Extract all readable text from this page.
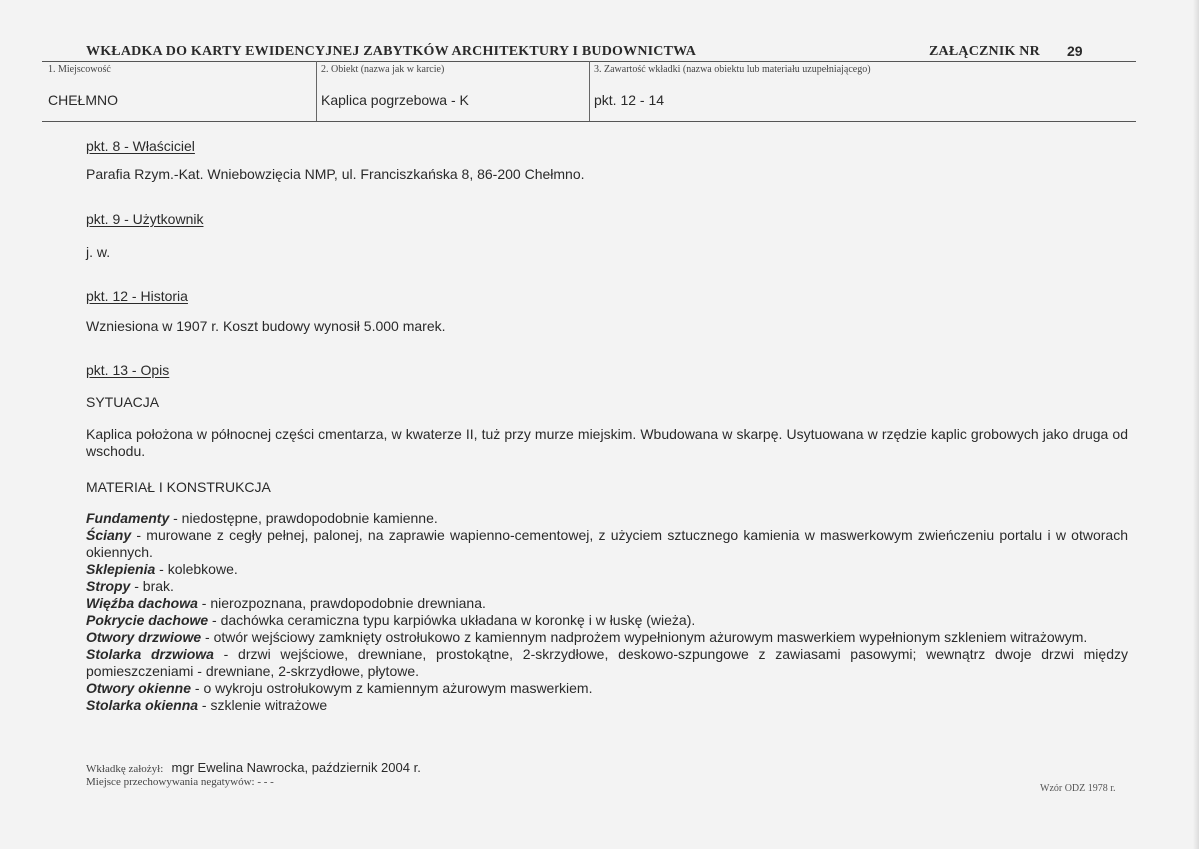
WKŁADKA DO KARTY EWIDENCYJNEJ ZABYTKÓW ARCHITEKTURY I BUDOWNICTWA	ZAŁĄCZNIK NR 29
1. Miejscowość
CHEŁMNO
2. Obiekt (nazwa jak w karcie)
Kaplica pogrzebowa - K
3. Zawartość wkładki (nazwa obiektu lub materiału uzupełniającego)
pkt. 12 - 14
pkt. 8 - Właściciel
Parafia Rzym.-Kat. Wniebowzięcia NMP, ul. Franciszkańska 8, 86-200 Chełmno.
pkt. 9 - Użytkownik
j. w.
pkt. 12 - Historia
Wzniesiona w 1907 r. Koszt budowy wynosił 5.000 marek.
pkt. 13 - Opis
SYTUACJA
Kaplica położona w północnej części cmentarza, w kwaterze II, tuż przy murze miejskim. Wbudowana w skarpę. Usytuowana w rzędzie kaplic grobowych jako druga od wschodu.
MATERIAŁ I KONSTRUKCJA
Fundamenty - niedostępne, prawdopodobnie kamienne.
Ściany - murowane z cegły pełnej, palonej, na zaprawie wapienno-cementowej, z użyciem sztucznego kamienia w maswerkowym zwieńczeniu portalu i w otworach okiennych.
Sklepienia - kolebkowe.
Stropy - brak.
Więźba dachowa - nierozpoznana, prawdopodobnie drewniana.
Pokrycie dachowe - dachówka ceramiczna typu karpiówka układana w koronkę i w łuskę (wieża).
Otwory drzwiowe - otwór wejściowy zamknięty ostrołukowo z kamiennym nadprożem wypełnionym ażurowym maswerkiem wypełnionym szkleniem witrażowym.
Stolarka drzwiowa - drzwi wejściowe, drewniane, prostokątne, 2-skrzydłowe, deskowo-szpungowe z zawiasami pasowymi; wewnątrz dwoje drzwi między pomieszczeniami - drewniane, 2-skrzydłowe, płytowe.
Otwory okienne - o wykroju ostrołukowym z kamiennym ażurowym maswerkiem.
Stolarka okienna - szklenie witrażowe
Wkładkę założył: mgr Ewelina Nawrocka, październik 2004 r.
Miejsce przechowywania negatywów: - - -
Wzór ODZ 1978 r.
